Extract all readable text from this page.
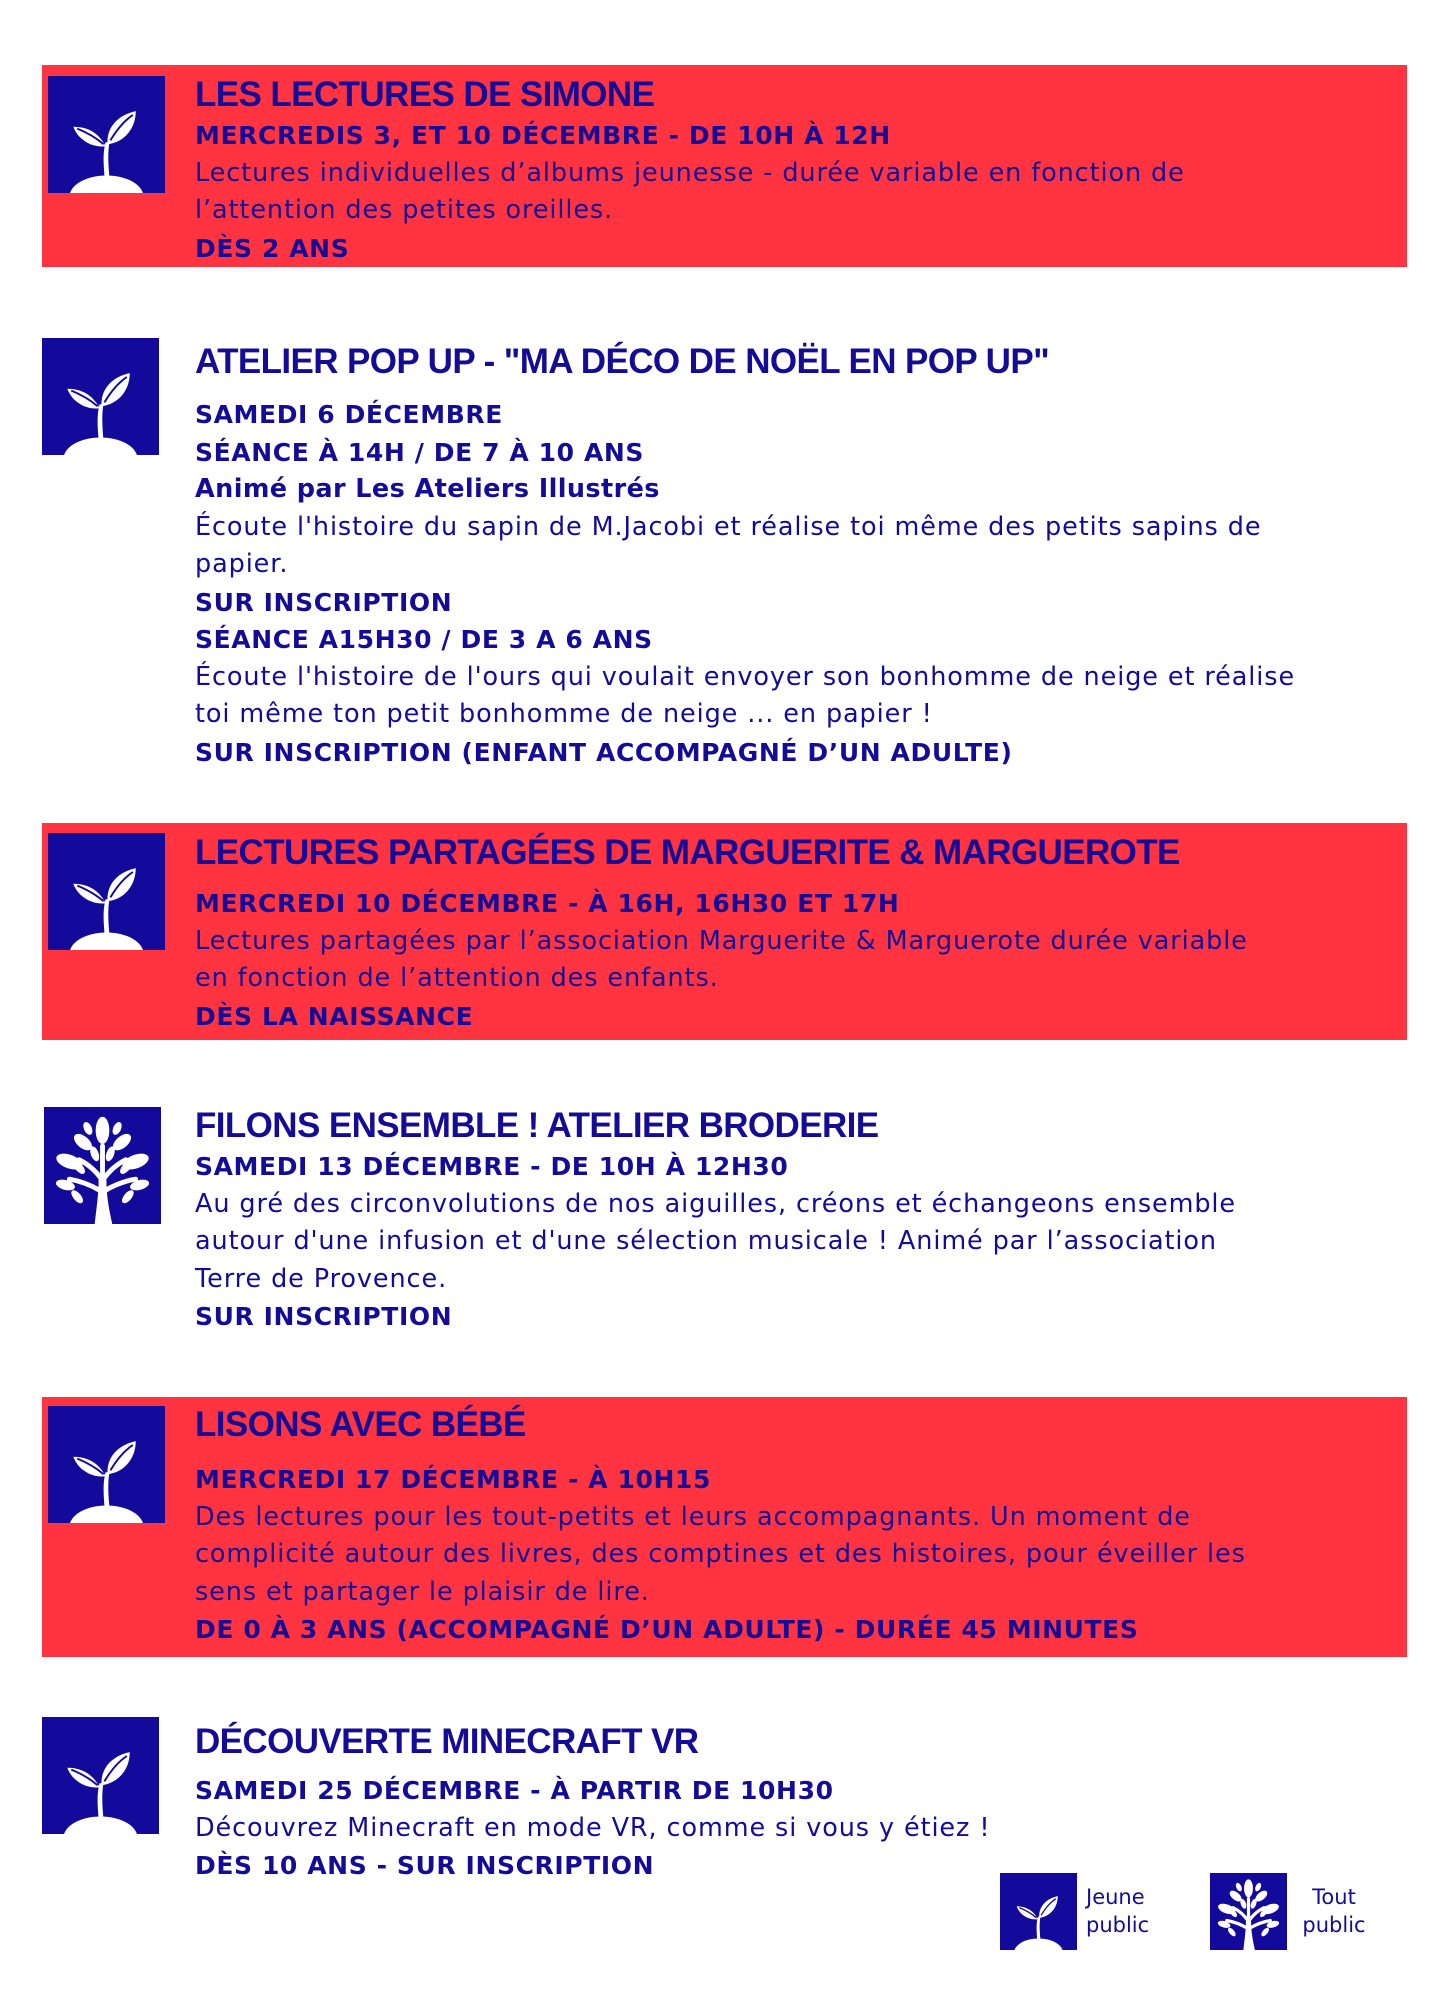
LES LECTURES DE SIMONE

MERCREDIS 3, ET 10 DÉCEMBRE - DE 10H À 12H

Lectures individuelles d’albums jeunesse - durée variable en fonction de

l’attention des petites oreilles.

DÈS 2 ANS

ATELIER POP UP - "MA DÉCO DE NOËL EN POP UP"

SAMEDI 6 DÉCEMBRE

SÉANCE À 14H / DE 7 À 10 ANS

Animé par Les Ateliers Illustrés

Écoute l'histoire du sapin de M.Jacobi et réalise toi même des petits sapins de

papier.

SUR INSCRIPTION

SÉANCE A15H30 / DE 3 A 6 ANS

Écoute l'histoire de l'ours qui voulait envoyer son bonhomme de neige et réalise

toi même ton petit bonhomme de neige ... en papier !

SUR INSCRIPTION (ENFANT ACCOMPAGNÉ D’UN ADULTE)

LECTURES PARTAGÉES DE MARGUERITE & MARGUEROTE

MERCREDI 10 DÉCEMBRE - À 16H, 16H30 ET 17H

Lectures partagées par l’association Marguerite & Marguerote durée variable

en fonction de l’attention des enfants.

DÈS LA NAISSANCE

FILONS ENSEMBLE ! ATELIER BRODERIE

SAMEDI 13 DÉCEMBRE - DE 10H À 12H30

Au gré des circonvolutions de nos aiguilles, créons et échangeons ensemble

autour d'une infusion et d'une sélection musicale ! Animé par l’association

Terre de Provence.

SUR INSCRIPTION

LISONS AVEC BÉBÉ

MERCREDI 17 DÉCEMBRE - À 10H15

Des lectures pour les tout-petits et leurs accompagnants. Un moment de

complicité autour des livres, des comptines et des histoires, pour éveiller les

sens et partager le plaisir de lire.

DE 0 À 3 ANS (ACCOMPAGNÉ D’UN ADULTE) - DURÉE 45 MINUTES

DÉCOUVERTE MINECRAFT VR

SAMEDI 25 DÉCEMBRE - À PARTIR DE 10H30

Découvrez Minecraft en mode VR, comme si vous y étiez !

DÈS 10 ANS - SUR INSCRIPTION

Jeune
public
Tout
public
